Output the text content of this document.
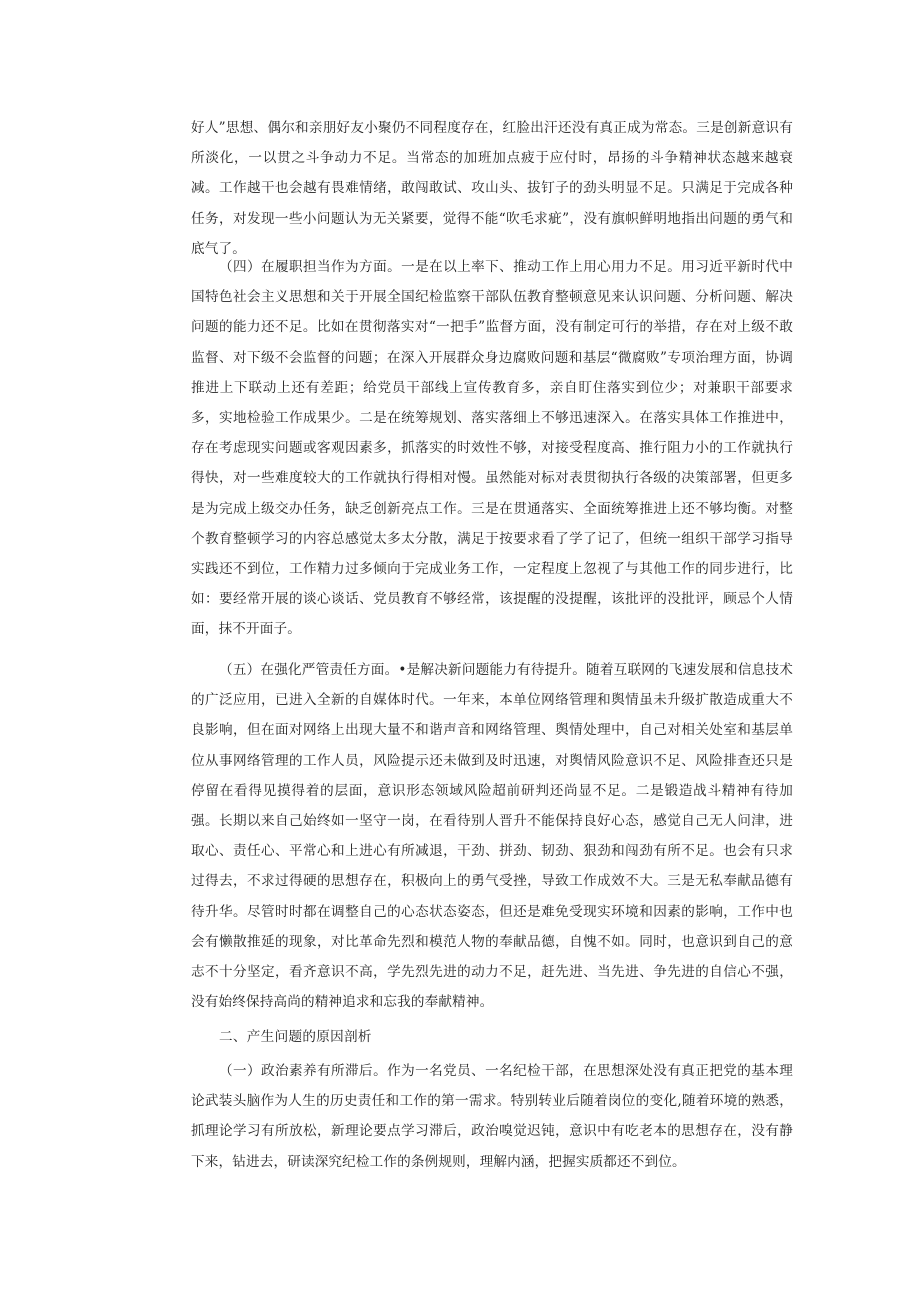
好人”思想、偶尔和亲朋好友小聚仍不同程度存在，红脸出汗还没有真正成为常态。三是创新意识有所淡化，一以贯之斗争动力不足。当常态的加班加点疲于应付时，昂扬的斗争精神状态越来越衰减。工作越干也会越有畏难情绪，敢闯敢试、攻山头、拔钉子的劲头明显不足。只满足于完成各种任务，对发现一些小问题认为无关紧要，觉得不能“吹毛求疵”，没有旗帜鲜明地指出问题的勇气和底气了。

（四）在履职担当作为方面。一是在以上率下、推动工作上用心用力不足。用习近平新时代中国特色社会主义思想和关于开展全国纪检监察干部队伍教育整顿意见来认识问题、分析问题、解决问题的能力还不足。比如在贯彻落实对“一把手”监督方面，没有制定可行的举措，存在对上级不敢监督、对下级不会监督的问题；在深入开展群众身边腐败问题和基层“微腐败”专项治理方面，协调推进上下联动上还有差距；给党员干部线上宣传教育多，亲自盯住落实到位少；对兼职干部要求多，实地检验工作成果少。二是在统筹规划、落实落细上不够迅速深入。在落实具体工作推进中，存在考虑现实问题或客观因素多，抓落实的时效性不够，对接受程度高、推行阻力小的工作就执行得快，对一些难度较大的工作就执行得相对慢。虽然能对标对表贯彻执行各级的决策部署，但更多是为完成上级交办任务，缺乏创新亮点工作。三是在贯通落实、全面统筹推进上还不够均衡。对整个教育整顿学习的内容总感觉太多太分散，满足于按要求看了学了记了，但统一组织干部学习指导实践还不到位，工作精力过多倾向于完成业务工作，一定程度上忽视了与其他工作的同步进行，比如：要经常开展的谈心谈话、党员教育不够经常，该提醒的没提醒，该批评的没批评，顾忌个人情面，抹不开面子。

（五）在强化严管责任方面。•是解决新问题能力有待提升。随着互联网的飞速发展和信息技术的广泛应用，已进入全新的自媒体时代。一年来，本单位网络管理和舆情虽未升级扩散造成重大不良影响，但在面对网络上出现大量不和谐声音和网络管理、舆情处理中，自己对相关处室和基层单位从事网络管理的工作人员，风险提示还未做到及时迅速，对舆情风险意识不足、风险排查还只是停留在看得见摸得着的层面，意识形态领域风险超前研判还尚显不足。二是锻造战斗精神有待加强。长期以来自己始终如一坚守一岗，在看待别人晋升不能保持良好心态，感觉自己无人问津，进取心、责任心、平常心和上进心有所减退，干劲、拼劲、韧劲、狠劲和闯劲有所不足。也会有只求过得去，不求过得硬的思想存在，积极向上的勇气受挫，导致工作成效不大。三是无私奉献品德有待升华。尽管时时都在调整自己的心态状态姿态，但还是难免受现实环境和因素的影响，工作中也会有懒散推延的现象，对比革命先烈和模范人物的奉献品德，自愧不如。同时，也意识到自己的意志不十分坚定，看齐意识不高，学先烈先进的动力不足，赶先进、当先进、争先进的自信心不强，没有始终保持高尚的精神追求和忘我的奉献精神。

二、产生问题的原因剖析

（一）政治素养有所滞后。作为一名党员、一名纪检干部，在思想深处没有真正把党的基本理论武装头脑作为人生的历史责任和工作的第一需求。特别转业后随着岗位的变化,随着环境的熟悉，抓理论学习有所放松，新理论要点学习滞后，政治嗅觉迟钝，意识中有吃老本的思想存在，没有静下来，钻进去，研读深究纪检工作的条例规则，理解内涵，把握实质都还不到位。
